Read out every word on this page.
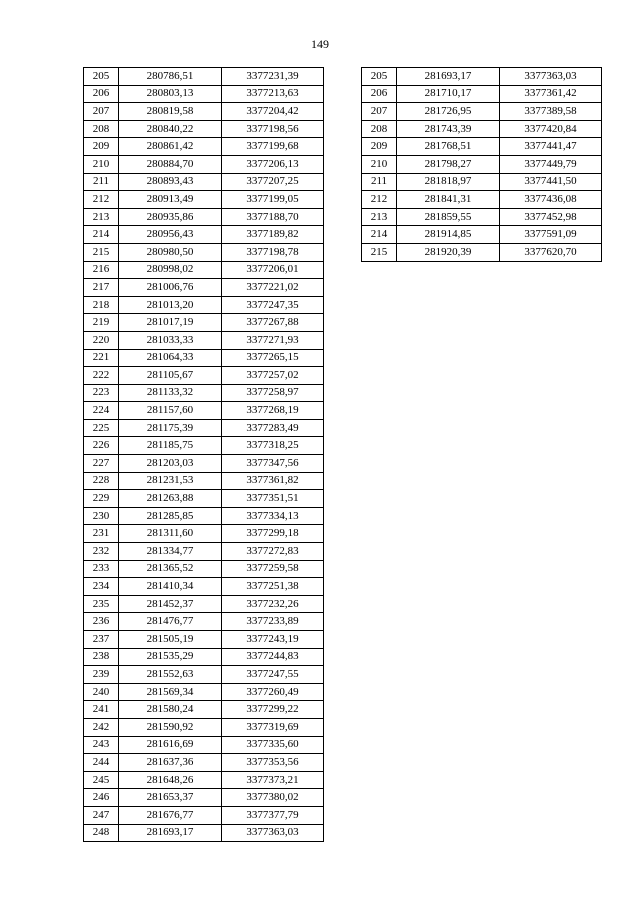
149
205	280786,51	3377231,39
206	280803,13	3377213,63
207	280819,58	3377204,42
208	280840,22	3377198,56
209	280861,42	3377199,68
210	280884,70	3377206,13
211	280893,43	3377207,25
212	280913,49	3377199,05
213	280935,86	3377188,70
214	280956,43	3377189,82
215	280980,50	3377198,78
216	280998,02	3377206,01
217	281006,76	3377221,02
218	281013,20	3377247,35
219	281017,19	3377267,88
220	281033,33	3377271,93
221	281064,33	3377265,15
222	281105,67	3377257,02
223	281133,32	3377258,97
224	281157,60	3377268,19
225	281175,39	3377283,49
226	281185,75	3377318,25
227	281203,03	3377347,56
228	281231,53	3377361,82
229	281263,88	3377351,51
230	281285,85	3377334,13
231	281311,60	3377299,18
232	281334,77	3377272,83
233	281365,52	3377259,58
234	281410,34	3377251,38
235	281452,37	3377232,26
236	281476,77	3377233,89
237	281505,19	3377243,19
238	281535,29	3377244,83
239	281552,63	3377247,55
240	281569,34	3377260,49
241	281580,24	3377299,22
242	281590,92	3377319,69
243	281616,69	3377335,60
244	281637,36	3377353,56
245	281648,26	3377373,21
246	281653,37	3377380,02
247	281676,77	3377377,79
248	281693,17	3377363,03
205	281693,17	3377363,03
206	281710,17	3377361,42
207	281726,95	3377389,58
208	281743,39	3377420,84
209	281768,51	3377441,47
210	281798,27	3377449,79
211	281818,97	3377441,50
212	281841,31	3377436,08
213	281859,55	3377452,98
214	281914,85	3377591,09
215	281920,39	3377620,70
